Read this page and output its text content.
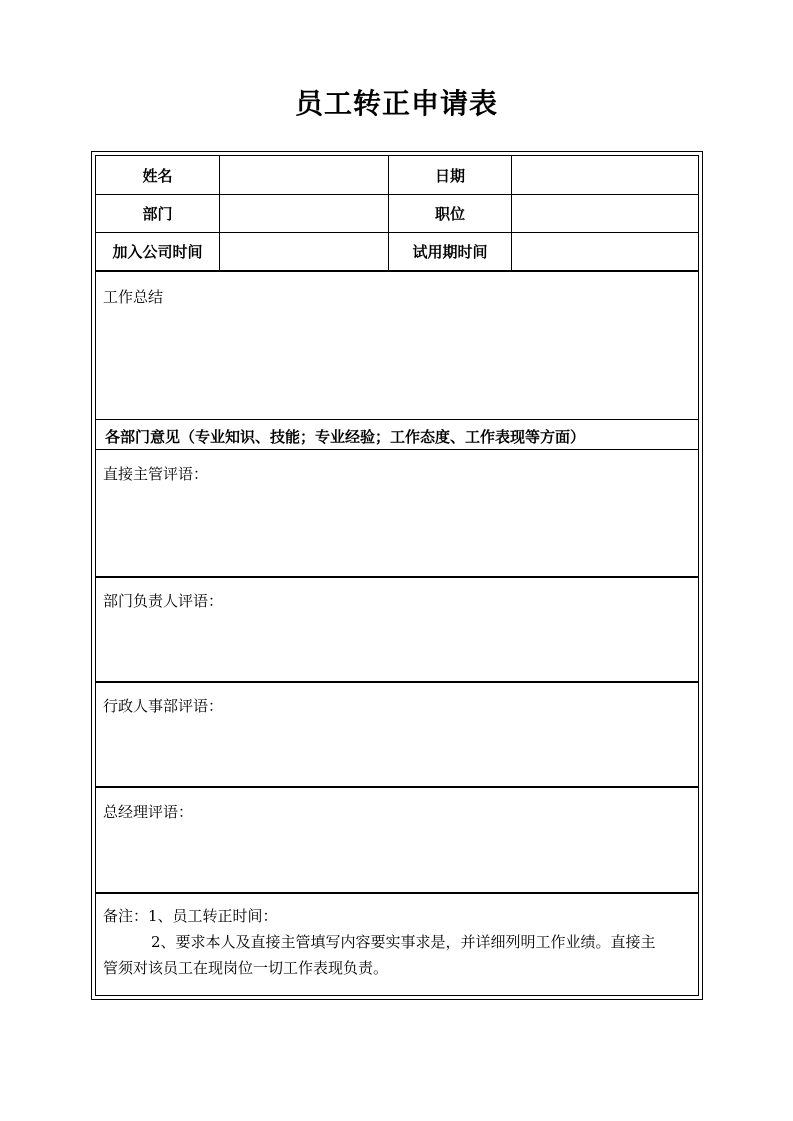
员工转正申请表
姓名	日期
部门	职位
加入公司时间	试用期时间
工作总结
各部门意见（专业知识、技能；专业经验；工作态度、工作表现等方面）
直接主管评语：
部门负责人评语：
行政人事部评语：
总经理评语：
备注：1、员工转正时间：
2、要求本人及直接主管填写内容要实事求是，并详细列明工作业绩。直接主
管须对该员工在现岗位一切工作表现负责。
